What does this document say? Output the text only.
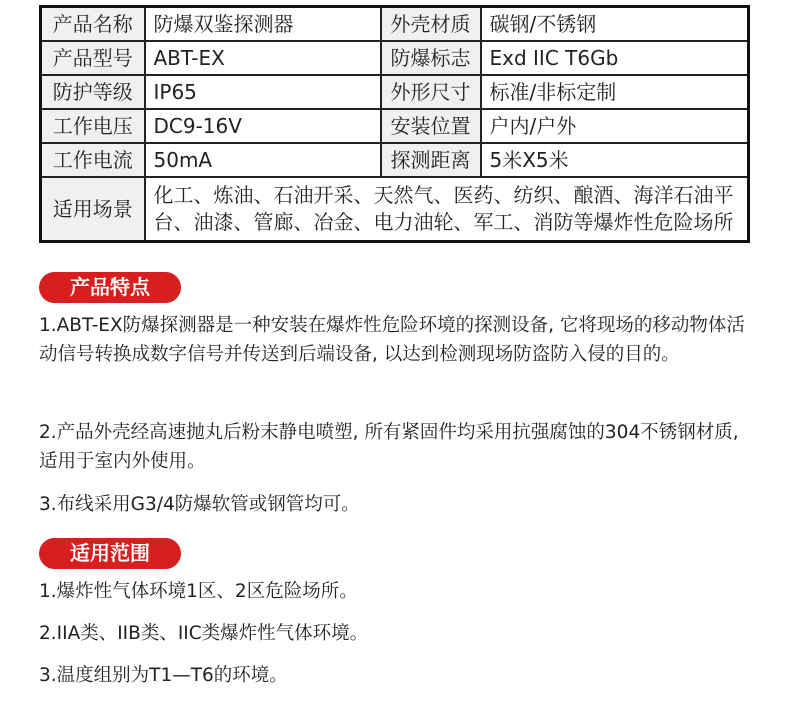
产品名称	防爆双鉴探测器	外壳材质	碳钢/不锈钢
产品型号	ABT-EX	防爆标志	Exd IIC T6Gb
防护等级	IP65	外形尺寸	标准/非标定制
工作电压	DC9-16V	安装位置	户内/户外
工作电流	50mA	探测距离	5米X5米
适用场景	化工、炼油、石油开采、天然气、医药、纺织、酿酒、海洋石油平台、油漆、管廊、冶金、电力油轮、军工、消防等爆炸性危险场所		
产品特点
1.ABT-EX防爆探测器是一种安装在爆炸性危险环境的探测设备, 它将现场的移动物体活动信号转换成数字信号并传送到后端设备, 以达到检测现场防盗防入侵的目的。
2.产品外壳经高速抛丸后粉末静电喷塑, 所有紧固件均采用抗强腐蚀的304不锈钢材质, 适用于室内外使用。
3.布线采用G3/4防爆软管或钢管均可。
适用范围
1.爆炸性气体环境1区、2区危险场所。
2.IIA类、IIB类、IIC类爆炸性气体环境。
3.温度组别为T1—T6的环境。
